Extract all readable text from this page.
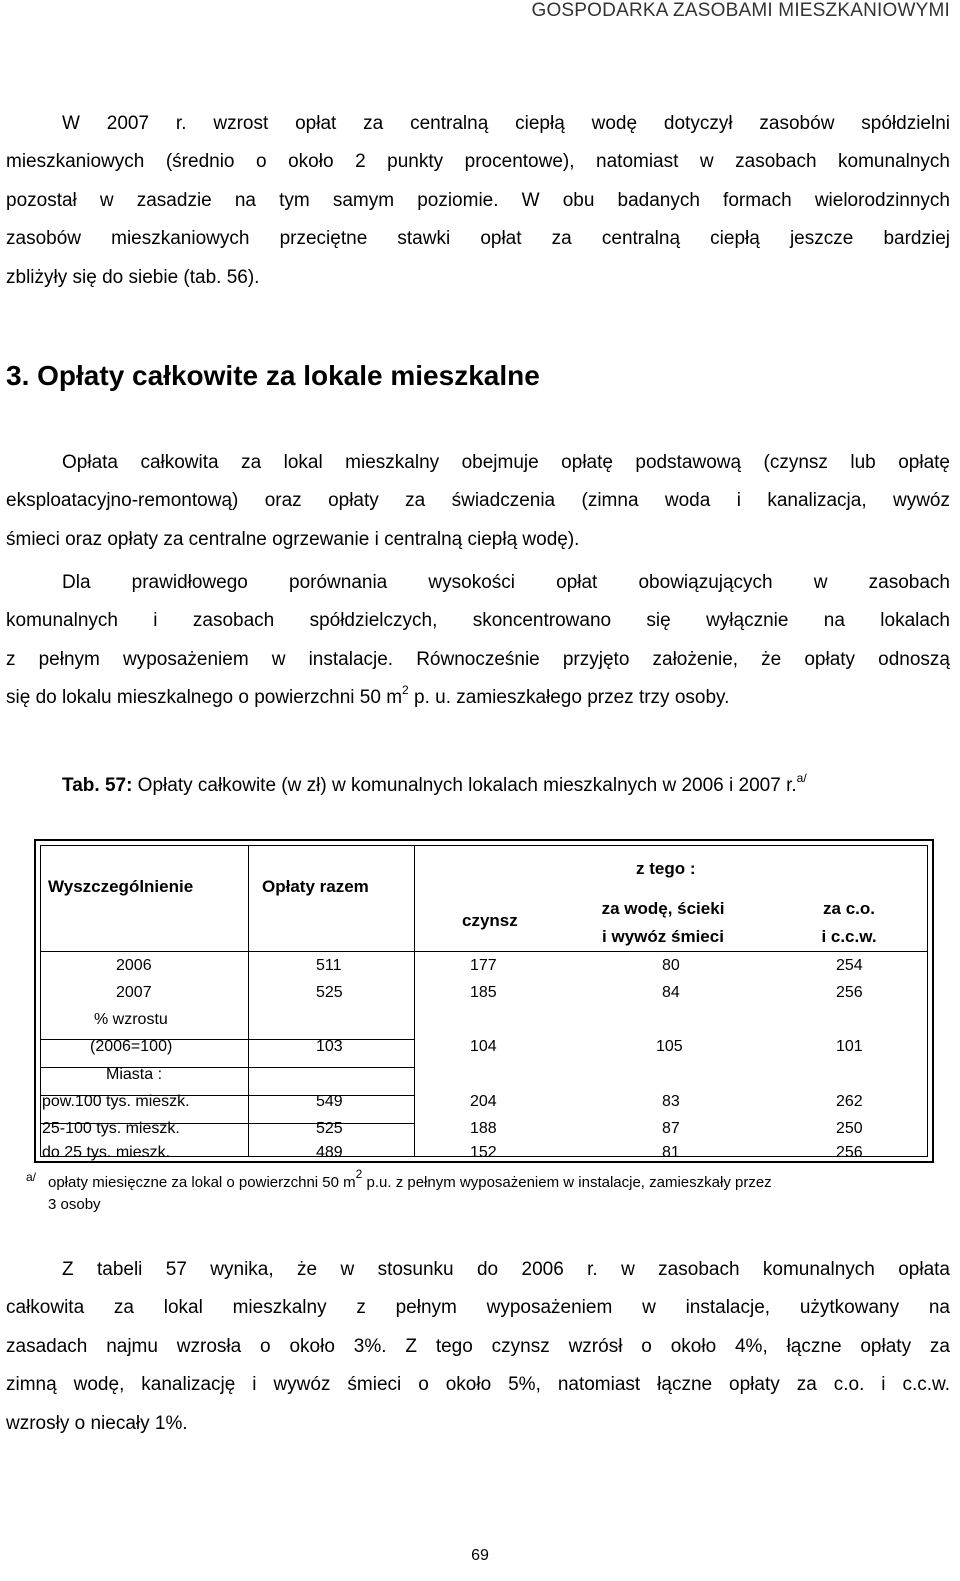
GOSPODARKA ZASOBAMI MIESZKANIOWYMI
W 2007 r. wzrost opłat za centralną ciepłą wodę dotyczył zasobów spółdzielni
mieszkaniowych (średnio o około 2 punkty procentowe), natomiast w zasobach komunalnych
pozostał w zasadzie na tym samym poziomie. W obu badanych formach wielorodzinnych
zasobów mieszkaniowych przeciętne stawki opłat za centralną ciepłą jeszcze bardziej
zbliżyły się do siebie (tab. 56).
3. Opłaty całkowite za lokale mieszkalne
Opłata całkowita za lokal mieszkalny obejmuje opłatę podstawową (czynsz lub opłatę
eksploatacyjno-remontową) oraz opłaty za świadczenia (zimna woda i kanalizacja, wywóz
śmieci oraz opłaty za centralne ogrzewanie i centralną ciepłą wodę).
Dla prawidłowego porównania wysokości opłat obowiązujących w zasobach
komunalnych i zasobach spółdzielczych, skoncentrowano się wyłącznie na lokalach
z pełnym wyposażeniem w instalacje. Równocześnie przyjęto założenie, że opłaty odnoszą
się do lokalu mieszkalnego o powierzchni 50 $m^2$ p. u. zamieszkałego przez trzy osoby.
Tab. 57: Opłaty całkowite (w zł) w komunalnych lokalach mieszkalnych w 2006 i 2007 r.$^{a/}$
Wyszczególnienie	Opłaty razem
z tego :
czynsz
za wodę, ścieki
i wywóz śmieci
za c.o.
i c.c.w.
2006	511	177	80	254
2007	525	185	84	256
% wzrostu
(2006=100)	103	104	105	101
Miasta :
pow.100 tys. mieszk.	549	204	83	262
25-100 tys. mieszk.	525	188	87	250
do 25 tys. mieszk.	489	152	81	256
a/ opłaty miesięczne za lokal o powierzchni 50 $m^2$ p.u. z pełnym wyposażeniem w instalacje, zamieszkały przez
3 osoby
Z tabeli 57 wynika, że w stosunku do 2006 r. w zasobach komunalnych opłata
całkowita za lokal mieszkalny z pełnym wyposażeniem w instalacje, użytkowany na
zasadach najmu wzrosła o około 3%. Z tego czynsz wzrósł o około 4%, łączne opłaty za
zimną wodę, kanalizację i wywóz śmieci o około 5%, natomiast łączne opłaty za c.o. i c.c.w.
wzrosły o niecały 1%.
69
